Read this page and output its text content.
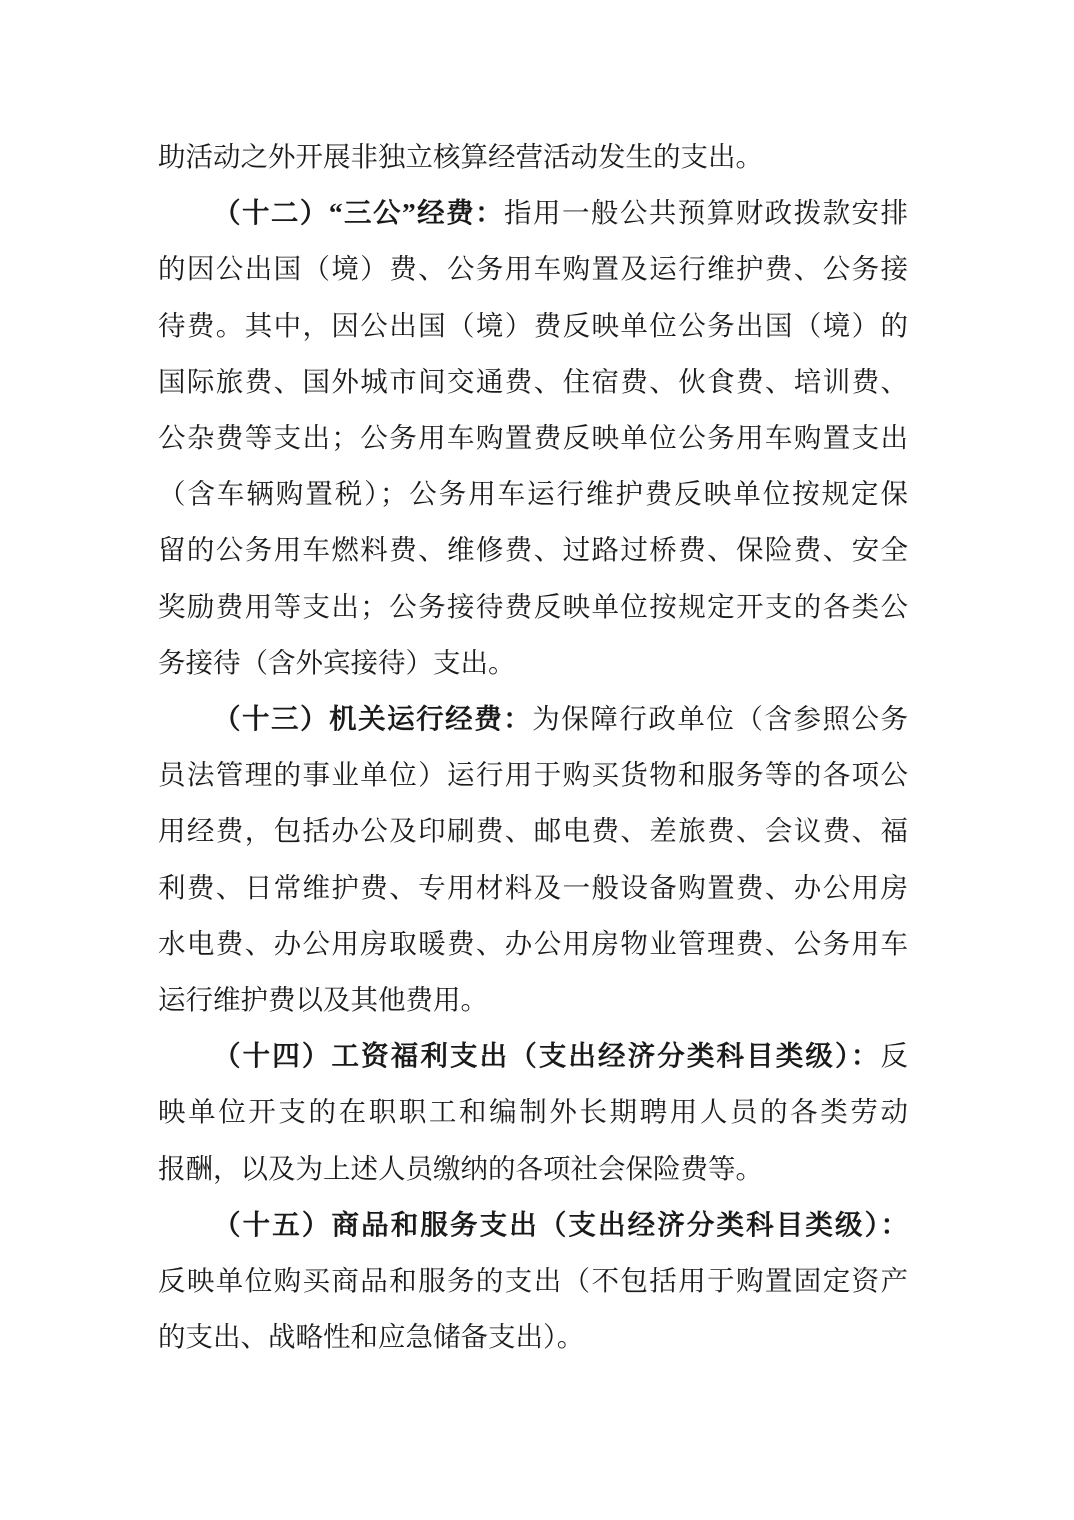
助活动之外开展非独立核算经营活动发生的支出。
（十二）“三公”经费：指用一般公共预算财政拨款安排
的因公出国（境）费、公务用车购置及运行维护费、公务接
待费。其中，因公出国（境）费反映单位公务出国（境）的
国际旅费、国外城市间交通费、住宿费、伙食费、培训费、
公杂费等支出；公务用车购置费反映单位公务用车购置支出
（含车辆购置税）；公务用车运行维护费反映单位按规定保
留的公务用车燃料费、维修费、过路过桥费、保险费、安全
奖励费用等支出；公务接待费反映单位按规定开支的各类公
务接待（含外宾接待）支出。
（十三）机关运行经费：为保障行政单位（含参照公务
员法管理的事业单位）运行用于购买货物和服务等的各项公
用经费，包括办公及印刷费、邮电费、差旅费、会议费、福
利费、日常维护费、专用材料及一般设备购置费、办公用房
水电费、办公用房取暖费、办公用房物业管理费、公务用车
运行维护费以及其他费用。
（十四）工资福利支出（支出经济分类科目类级）：反
映单位开支的在职职工和编制外长期聘用人员的各类劳动
报酬，以及为上述人员缴纳的各项社会保险费等。
（十五）商品和服务支出（支出经济分类科目类级）：
反映单位购买商品和服务的支出（不包括用于购置固定资产
的支出、战略性和应急储备支出）。
